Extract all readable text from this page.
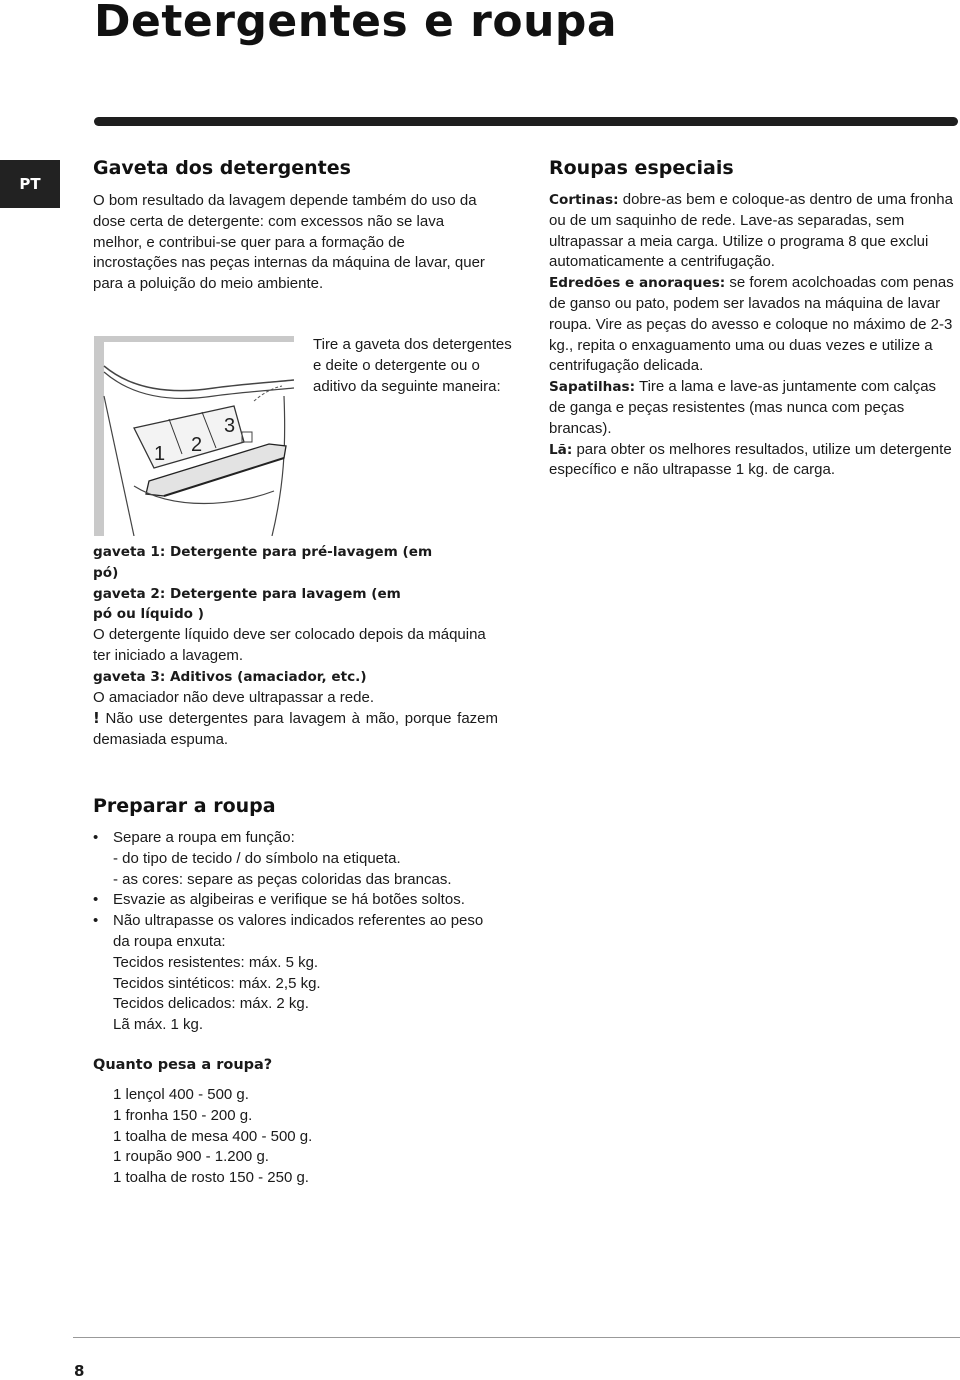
Detergentes e roupa
PT
Gaveta dos detergentes

O bom resultado da lavagem depende também do uso da dose certa de detergente: com excessos não se lava melhor, e contribui-se quer para a formação de incrostações nas peças internas da máquina de lavar, quer para a poluição do meio ambiente.

1 2
3

Tire a gaveta dos detergentes e deite o detergente ou o aditivo da seguinte maneira:

gaveta 1: Detergente para pré-lavagem (em pó)
gaveta 2: Detergente para lavagem (em pó ou líquido )
O detergente líquido deve ser colocado depois da máquina ter iniciado a lavagem.
gaveta 3: Aditivos (amaciador, etc.)
O amaciador não deve ultrapassar a rede.
! Não use detergentes para lavagem à mão, porque fazem demasiada espuma.
Roupas especiais

Cortinas: dobre-as bem e coloque-as dentro de uma fronha ou de um saquinho de rede. Lave-as separadas, sem ultrapassar a meia carga. Utilize o programa 8 que exclui automaticamente a centrifugação.

Edredões e anoraques: se forem acolchoadas com penas de ganso ou pato, podem ser lavados na máquina de lavar roupa. Vire as peças do avesso e coloque no máximo de 2-3 kg., repita o enxaguamento uma ou duas vezes e utilize a centrifugação delicada.

Sapatilhas: Tire a lama e lave-as juntamente com calças de ganga e peças resistentes (mas nunca com peças brancas).

Lã: para obter os melhores resultados, utilize um detergente específico e não ultrapasse 1 kg. de carga.

Preparar a roupa
• Separe a roupa em função:
- do tipo de tecido / do símbolo na etiqueta.
- as cores: separe as peças coloridas das brancas.
• Esvazie as algibeiras e verifique se há botões soltos.
• Não ultrapasse os valores indicados referentes ao peso da roupa enxuta:
Tecidos resistentes: máx. 5 kg.
Tecidos sintéticos: máx. 2,5 kg.
Tecidos delicados: máx. 2 kg.
Lã máx. 1 kg.
Quanto pesa a roupa?
1 lençol 400 - 500 g.
1 fronha 150 - 200 g.
1 toalha de mesa 400 - 500 g.
1 roupão 900 - 1.200 g.
1 toalha de rosto 150 - 250 g.
8
